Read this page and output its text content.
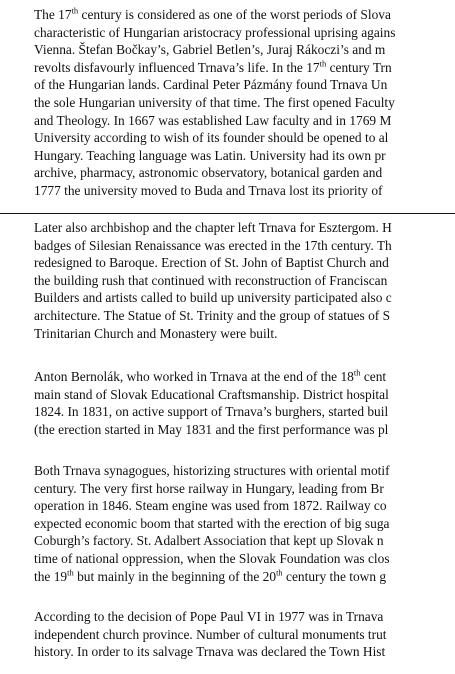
The 17th century is considered as one of the worst periods of Slova
characteristic of Hungarian aristocracy professional uprising agains
Vienna. Štefan Bočkay’s, Gabriel Betlen’s, Juraj Rákoczi’s and m
revolts disfavourly influenced Trnava’s life. In the 17th century Trn
of the Hungarian lands. Cardinal Peter Pázmány found Trnava Un
the sole Hungarian university of that time. The first opened Faculty
and Theology. In 1667 was established Law faculty and in 1769 M
University according to wish of its founder should be opened to al
Hungary. Teaching language was Latin. University had its own pr
archive, pharmacy, astronomic observatory, botanical garden and
1777 the university moved to Buda and Trnava lost its priority of
Later also archbishop and the chapter left Trnava for Esztergom. H
badges of Silesian Renaissance was erected in the 17th century. Th
redesigned to Baroque. Erection of St. John of Baptist Church and
the building rush that continued with reconstruction of Franciscan
Builders and artists called to build up university participated also c
architecture. The Statue of St. Trinity and the group of statues of S
Trinitarian Church and Monastery were built.
Anton Bernolák, who worked in Trnava at the end of the 18th cent
main stand of Slovak Educational Craftsmanship. District hospital
1824. In 1831, on active support of Trnava’s burghers, started buil
(the erection started in May 1831 and the first performance was pl
Both Trnava synagogues, historizing structures with oriental motif
century. The very first horse railway in Hungary, leading from Br
operation in 1846. Steam engine was used from 1872. Railway co
expected economic boom that started with the erection of big suga
Coburgh’s factory. St. Adalbert Association that kept up Slovak n
time of national oppression, when the Slovak Foundation was clos
the 19th but mainly in the beginning of the 20th century the town g
According to the decision of Pope Paul VI in 1977 was in Trnava
independent church province. Number of cultural monuments trut
history. In order to its salvage Trnava was declared the Town Hist
